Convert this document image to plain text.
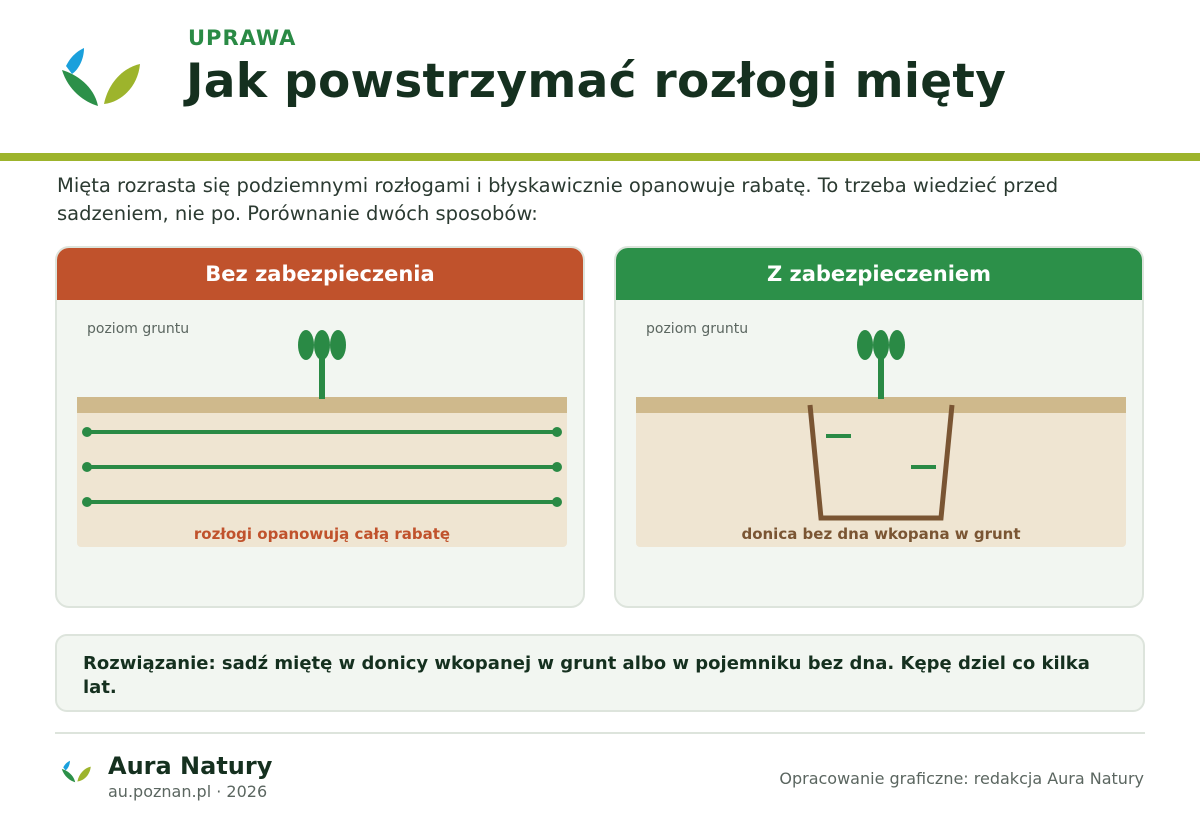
UPRAWA
Jak powstrzymać rozłogi mięty

Mięta rozrasta się podziemnymi rozłogami i błyskawicznie opanowuje rabatę. To trzeba wiedzieć przed sadzeniem, nie po. Porównanie dwóch sposobów:

Bez zabezpieczenia
poziom gruntu
rozłogi opanowują całą rabatę
Z zabezpieczeniem
poziom gruntu
donica bez dna wkopana w grunt
Rozwiązanie: sadź miętę w donicy wkopanej w grunt albo w pojemniku bez dna. Kępę dziel co kilka lat.
Aura Natury
au.poznan.pl · 2026
Opracowanie graficzne: redakcja Aura Natury
